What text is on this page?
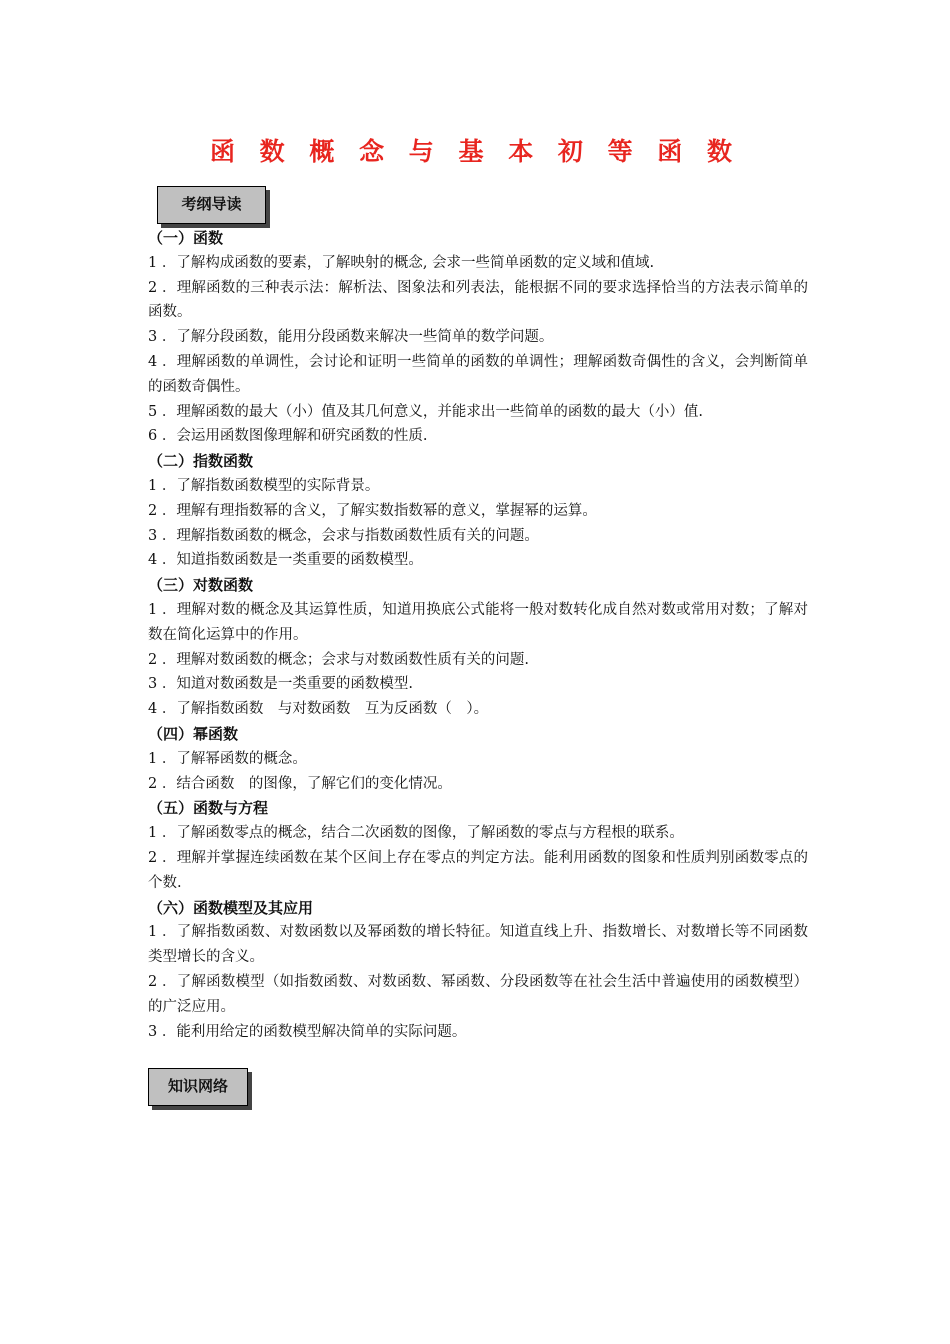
函 数 概 念 与 基 本 初 等 函 数
考纲导读
（一）函数
1 ．了解构成函数的要素，了解映射的概念, 会求一些简单函数的定义域和值域.
2 ．理解函数的三种表示法：解析法、图象法和列表法，能根据不同的要求选择恰当的方法表示简单的函数。
3 ．了解分段函数，能用分段函数来解决一些简单的数学问题。
4 ．理解函数的单调性，会讨论和证明一些简单的函数的单调性；理解函数奇偶性的含义，会判断简单的函数奇偶性。
5 ．理解函数的最大（小）值及其几何意义，并能求出一些简单的函数的最大（小）值.
6 ．会运用函数图像理解和研究函数的性质.
（二）指数函数
1 ．了解指数函数模型的实际背景。
2 ．理解有理指数幂的含义，了解实数指数幂的意义，掌握幂的运算。
3 ．理解指数函数的概念，会求与指数函数性质有关的问题。
4 ．知道指数函数是一类重要的函数模型。
（三）对数函数
1 ．理解对数的概念及其运算性质，知道用换底公式能将一般对数转化成自然对数或常用对数；了解对数在简化运算中的作用。
2 ．理解对数函数的概念；会求与对数函数性质有关的问题.
3 ．知道对数函数是一类重要的函数模型.
4 ．了解指数函数　与对数函数　互为反函数（　）。
（四）幂函数
1 ．了解幂函数的概念。
2 ．结合函数　的图像，了解它们的变化情况。
（五）函数与方程
1 ．了解函数零点的概念，结合二次函数的图像，了解函数的零点与方程根的联系。
2 ．理解并掌握连续函数在某个区间上存在零点的判定方法。能利用函数的图象和性质判别函数零点的个数.
（六）函数模型及其应用
1 ．了解指数函数、对数函数以及幂函数的增长特征。知道直线上升、指数增长、对数增长等不同函数类型增长的含义。
2 ．了解函数模型（如指数函数、对数函数、幂函数、分段函数等在社会生活中普遍使用的函数模型）的广泛应用。
3 ．能利用给定的函数模型解决简单的实际问题。
知识网络
